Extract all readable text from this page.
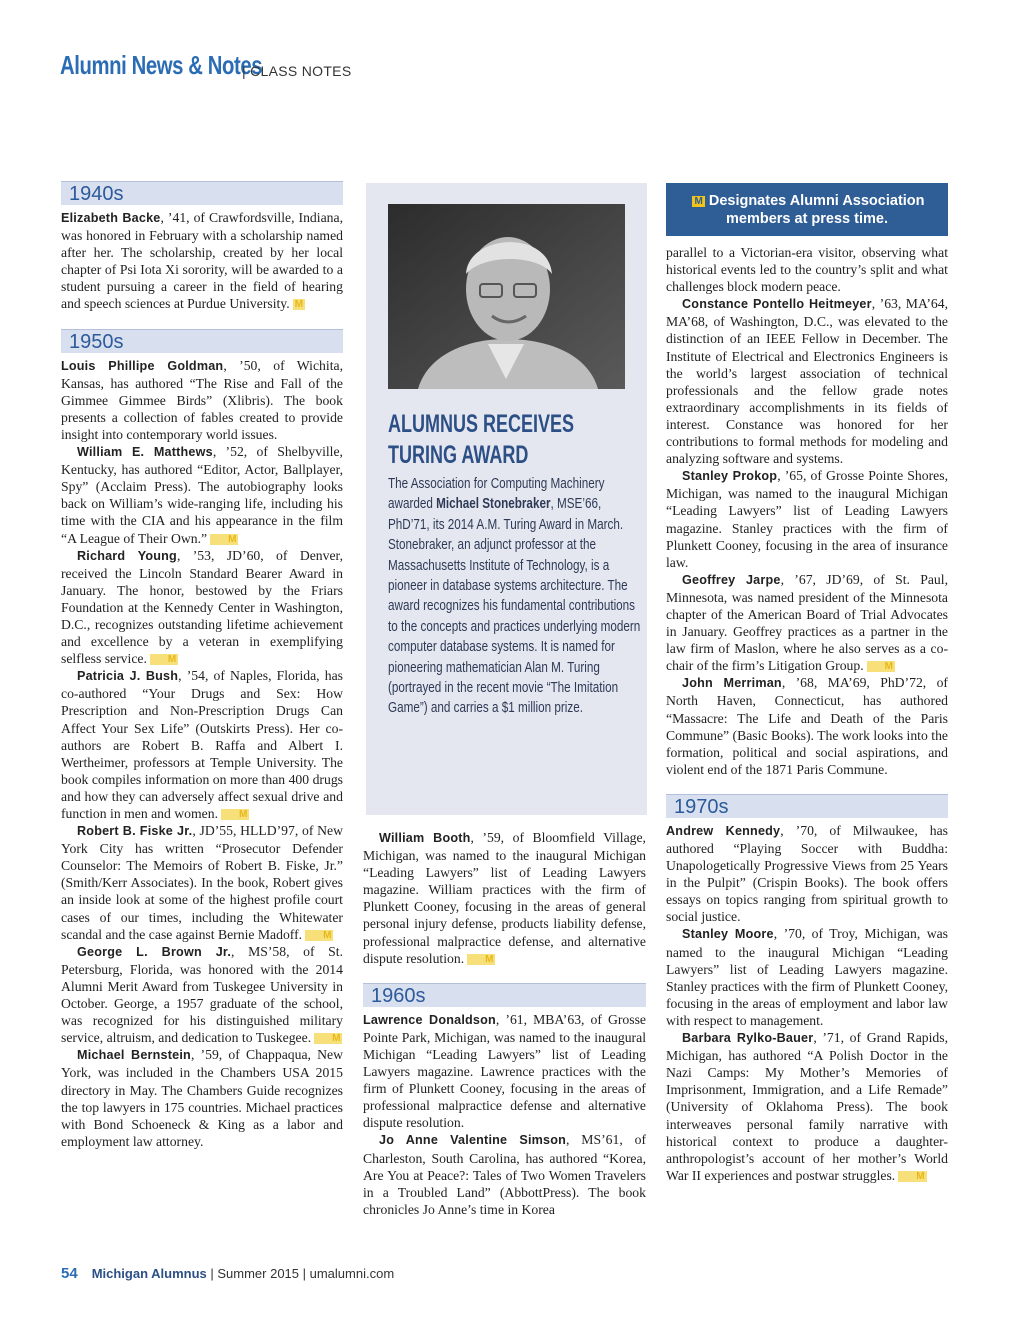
Alumni News & Notes
| CLASS NOTES
1940s

Elizabeth Backe, ’41, of Crawfordsville, Indiana, was honored in February with a scholarship named after her. The scholarship, created by her local chapter of Psi Iota Xi sorority, will be awarded to a student pursuing a career in the field of hearing and speech sciences at Purdue University. M

1950s

Louis Phillipe Goldman, ’50, of Wichita, Kansas, has authored “The Rise and Fall of the Gimmee Gimmee Birds” (Xlibris). The book presents a collection of fables created to provide insight into contemporary world issues.

William E. Matthews, ’52, of Shelbyville, Kentucky, has authored “Editor, Actor, Ballplayer, Spy” (Acclaim Press). The autobiography looks back on William’s wide-ranging life, including his time with the CIA and his appearance in the film “A League of Their Own.” M

Richard Young, ’53, JD’60, of Denver, received the Lincoln Standard Bearer Award in January. The honor, bestowed by the Friars Foundation at the Kennedy Center in Washington, D.C., recognizes outstanding lifetime achievement and excellence by a veteran in exemplifying selfless service. M

Patricia J. Bush, ’54, of Naples, Florida, has co-authored “Your Drugs and Sex: How Prescription and Non-Prescription Drugs Can Affect Your Sex Life” (Outskirts Press). Her co-authors are Robert B. Raffa and Albert I. Wertheimer, professors at Temple University. The book compiles information on more than 400 drugs and how they can adversely affect sexual drive and function in men and women. M

Robert B. Fiske Jr., JD’55, HLLD’97, of New York City has written “Prosecutor Defender Counselor: The Memoirs of Robert B. Fiske, Jr.” (Smith/Kerr Associates). In the book, Robert gives an inside look at some of the highest profile court cases of our times, including the Whitewater scandal and the case against Bernie Madoff. M

George L. Brown Jr., MS’58, of St. Petersburg, Florida, was honored with the 2014 Alumni Merit Award from Tuskegee University in October. George, a 1957 graduate of the school, was recognized for his distinguished military service, altruism, and dedication to Tuskegee. M

Michael Bernstein, ’59, of Chappaqua, New York, was included in the Chambers USA 2015 directory in May. The Chambers Guide recognizes the top lawyers in 175 countries. Michael practices with Bond Schoeneck & King as a labor and employment law attorney.

ALUMNUS RECEIVES
TURING AWARD
The Association for Computing Machinery awarded Michael Stonebraker, MSE’66, PhD’71, its 2014 A.M. Turing Award in March. Stonebraker, an adjunct professor at the Massachusetts Institute of Technology, is a pioneer in database systems architecture. The award recognizes his fundamental contributions to the concepts and practices underlying modern computer database systems. It is named for pioneering mathematician Alan M. Turing (portrayed in the recent movie “The Imitation Game”) and carries a $1 million prize.

William Booth, ’59, of Bloomfield Village, Michigan, was named to the inaugural Michigan “Leading Lawyers” list of Leading Lawyers magazine. William practices with the firm of Plunkett Cooney, focusing in the areas of general personal injury defense, products liability defense, professional malpractice defense, and alternative dispute resolution. M

1960s

Lawrence Donaldson, ’61, MBA’63, of Grosse Pointe Park, Michigan, was named to the inaugural Michigan “Leading Lawyers” list of Leading Lawyers magazine. Lawrence practices with the firm of Plunkett Cooney, focusing in the areas of professional malpractice defense and alternative dispute resolution.

Jo Anne Valentine Simson, MS’61, of Charleston, South Carolina, has authored “Korea, Are You at Peace?: Tales of Two Women Travelers in a Troubled Land” (AbbottPress). The book chronicles Jo Anne’s time in Korea

M Designates Alumni Association
members at press time.

parallel to a Victorian-era visitor, observing what historical events led to the country’s split and what challenges block modern peace.

Constance Pontello Heitmeyer, ’63, MA’64, MA’68, of Washington, D.C., was elevated to the distinction of an IEEE Fellow in December. The Institute of Electrical and Electronics Engineers is the world’s largest association of technical professionals and the fellow grade notes extraordinary accomplishments in its fields of interest. Constance was honored for her contributions to formal methods for modeling and analyzing software and systems.

Stanley Prokop, ’65, of Grosse Pointe Shores, Michigan, was named to the inaugural Michigan “Leading Lawyers” list of Leading Lawyers magazine. Stanley practices with the firm of Plunkett Cooney, focusing in the area of insurance law.

Geoffrey Jarpe, ’67, JD’69, of St. Paul, Minnesota, was named president of the Minnesota chapter of the American Board of Trial Advocates in January. Geoffrey practices as a partner in the law firm of Maslon, where he also serves as a co-chair of the firm’s Litigation Group. M

John Merriman, ’68, MA’69, PhD’72, of North Haven, Connecticut, has authored “Massacre: The Life and Death of the Paris Commune” (Basic Books). The work looks into the formation, political and social aspirations, and violent end of the 1871 Paris Commune.

1970s

Andrew Kennedy, ’70, of Milwaukee, has authored “Playing Soccer with Buddha: Unapologetically Progressive Views from 25 Years in the Pulpit” (Crispin Books). The book offers essays on topics ranging from spiritual growth to social justice.

Stanley Moore, ’70, of Troy, Michigan, was named to the inaugural Michigan “Leading Lawyers” list of Leading Lawyers magazine. Stanley practices with the firm of Plunkett Cooney, focusing in the areas of employment and labor law with respect to management.

Barbara Rylko-Bauer, ’71, of Grand Rapids, Michigan, has authored “A Polish Doctor in the Nazi Camps: My Mother’s Memories of Imprisonment, Immigration, and a Life Remade” (University of Oklahoma Press). The book interweaves personal family narrative with historical context to produce a daughter-anthropologist’s account of her mother’s World War II experiences and postwar struggles. M

54 Michigan Alumnus | Summer 2015 | umalumni.com
